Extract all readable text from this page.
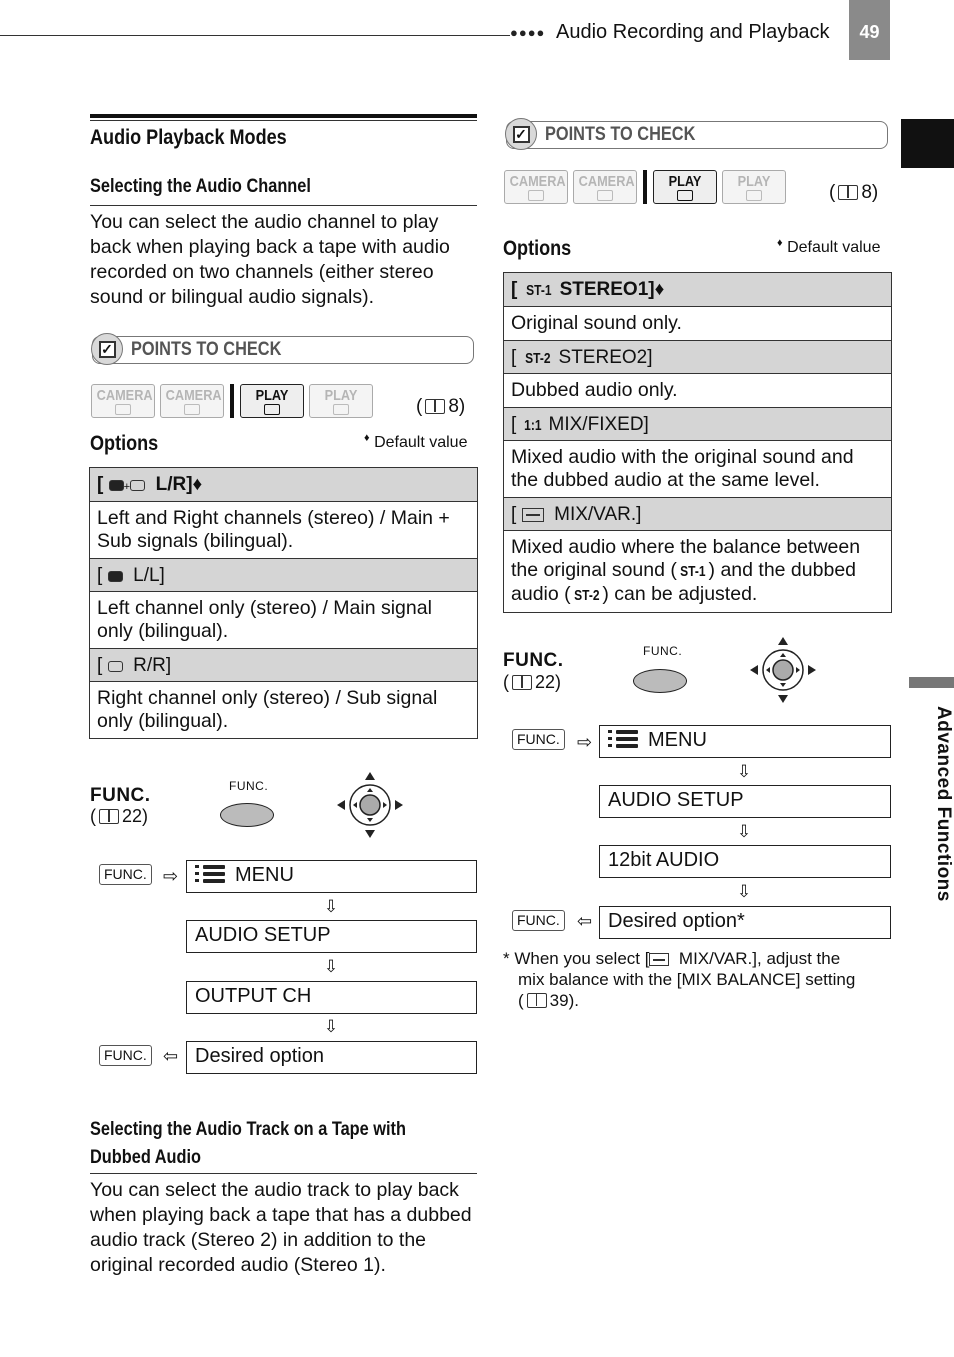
●●●● Audio Recording and Playback	49
Advanced Functions
Audio Playback Modes
Selecting the Audio Channel
You can select the audio channel to play back when playing back a tape with audio recorded on two channels (either stereo sound or bilingual audio signals).
✓ POINTS TO CHECK
CAMERA CAMERA	PLAY	PLAY
( 8)
Options	♦ Default value
[ + L/R]♦
Left and Right channels (stereo) / Main + Sub signals (bilingual).
[ L/L]
Left channel only (stereo) / Main signal only (bilingual).
[ R/R]
Right channel only (stereo) / Sub signal only (bilingual).
FUNC.
( 22)
FUNC.
FUNC. ⇨	MENU
⇩
AUDIO SETUP
⇩
OUTPUT CH
⇩
FUNC. ⇦ Desired option
Selecting the Audio Track on a Tape with
Dubbed Audio
You can select the audio track to play back when playing back a tape that has a dubbed audio track (Stereo 2) in addition to the original recorded audio (Stereo 1).
✓ POINTS TO CHECK
CAMERA CAMERA	PLAY	PLAY
( 8)
Options	♦ Default value
[ ST-1 STEREO1]♦
Original sound only.
[ ST-2 STEREO2]
Dubbed audio only.
[ 1:1 MIX/FIXED]
Mixed audio with the original sound and the dubbed audio at the same level.
[   MIX/VAR.]
Mixed audio where the balance between the original sound ( ST-1 ) and the dubbed audio ( ST-2 ) can be adjusted.
FUNC.
( 22)
FUNC.
FUNC. ⇨	MENU
⇩
AUDIO SETUP
⇩
12bit AUDIO
⇩
FUNC. ⇦ Desired option*
* When you select [ MIX/VAR.], adjust the
mix balance with the [MIX BALANCE] setting
( 39).
